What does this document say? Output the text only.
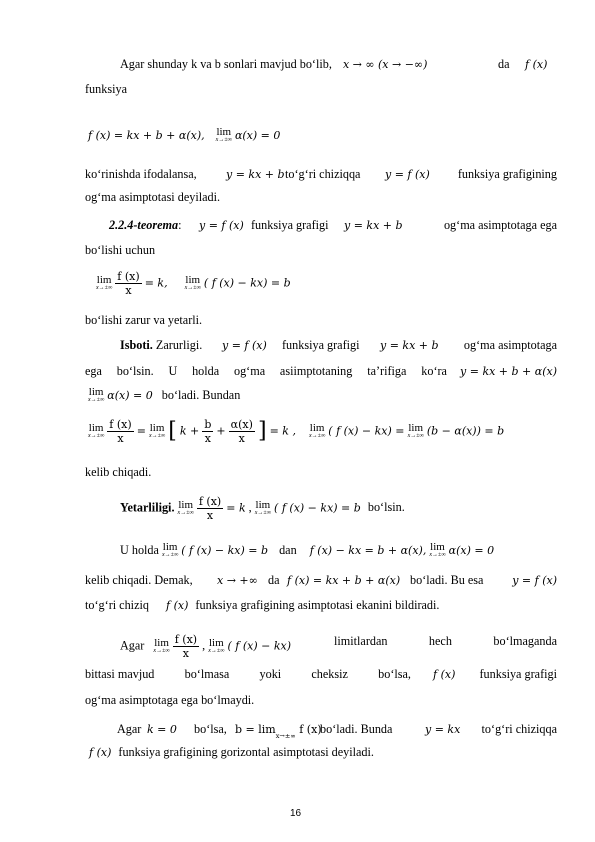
Agar shunday k va b sonlari mavjud bo‘lib, x → ∞ (x → −∞)	da f (x)
funksiya
f (x) = kx + b + α(x), lim
x→±∞ α(x) = 0
ko‘rinishda ifodalansa,	y = kx + b to‘g‘ri chiziqqa y = f (x) funksiya grafigining
og‘ma asimptotasi deyiladi.
2.2.4-teorema: y = f (x) funksiya grafigi y = kx + b	og‘ma asimptotaga ega
bo‘lishi uchun
lim
x→±∞
$\frac{f (x)}{x} = k$, lim
x→±∞ ( f (x) − kx) = b
bo‘lishi zarur va yetarli.
Isboti. Zarurligi. y = f (x) funksiya grafigi y = kx + b og‘ma asimptotaga
ega bo‘lsin. U holda og‘ma asiimptotaning ta’rifiga ko‘ra y = kx + b + α(x)
lim
x→±∞ α(x) = 0 bo‘ladi. Bundan
lim
x→±∞
$\frac{f (x)}{x} = \lim$
x→±∞ [ $k + \frac{b}{x} + \frac{\alpha(x)}{x}$ ] = k , lim
x→±∞ ( f (x) − kx) = lim
x→±∞ (b − α(x)) = b
kelib chiqadi.
Yetarliligi. lim
x→±∞
$\frac{f (x)}{x} = k$ , lim
x→±∞ ( f (x) − kx) = b bo‘lsin.
U holda lim
x→±∞ ( f (x) − kx) = b dan f (x) − kx = b + α(x), lim
x→±∞ α(x) = 0
kelib chiqadi. Demak, x → +∞ da f (x) = kx + b + α(x) bo‘ladi. Bu esa	y = f (x)
to‘g‘ri chiziq f (x) funksiya grafigining asimptotasi ekanini bildiradi.
Agar lim
x→±∞
$\frac{f (x)}{x}$ , lim
x→±∞ ( f (x) − kx)	limitlardan	hech	bo‘lmaganda
bittasi mavjud bo‘lmasa yoki cheksiz bo‘lsa, f (x) funksiya grafigi
og‘ma asimptotaga ega bo‘lmaydi.
Agar k = 0 bo‘lsa, $b = \lim_{x\to\pm\infty} f$ (x)
bo‘ladi. Bunda	y = kx to‘g‘ri chiziqqa
f (x) funksiya grafigining gorizontal asimptotasi deyiladi.
16
